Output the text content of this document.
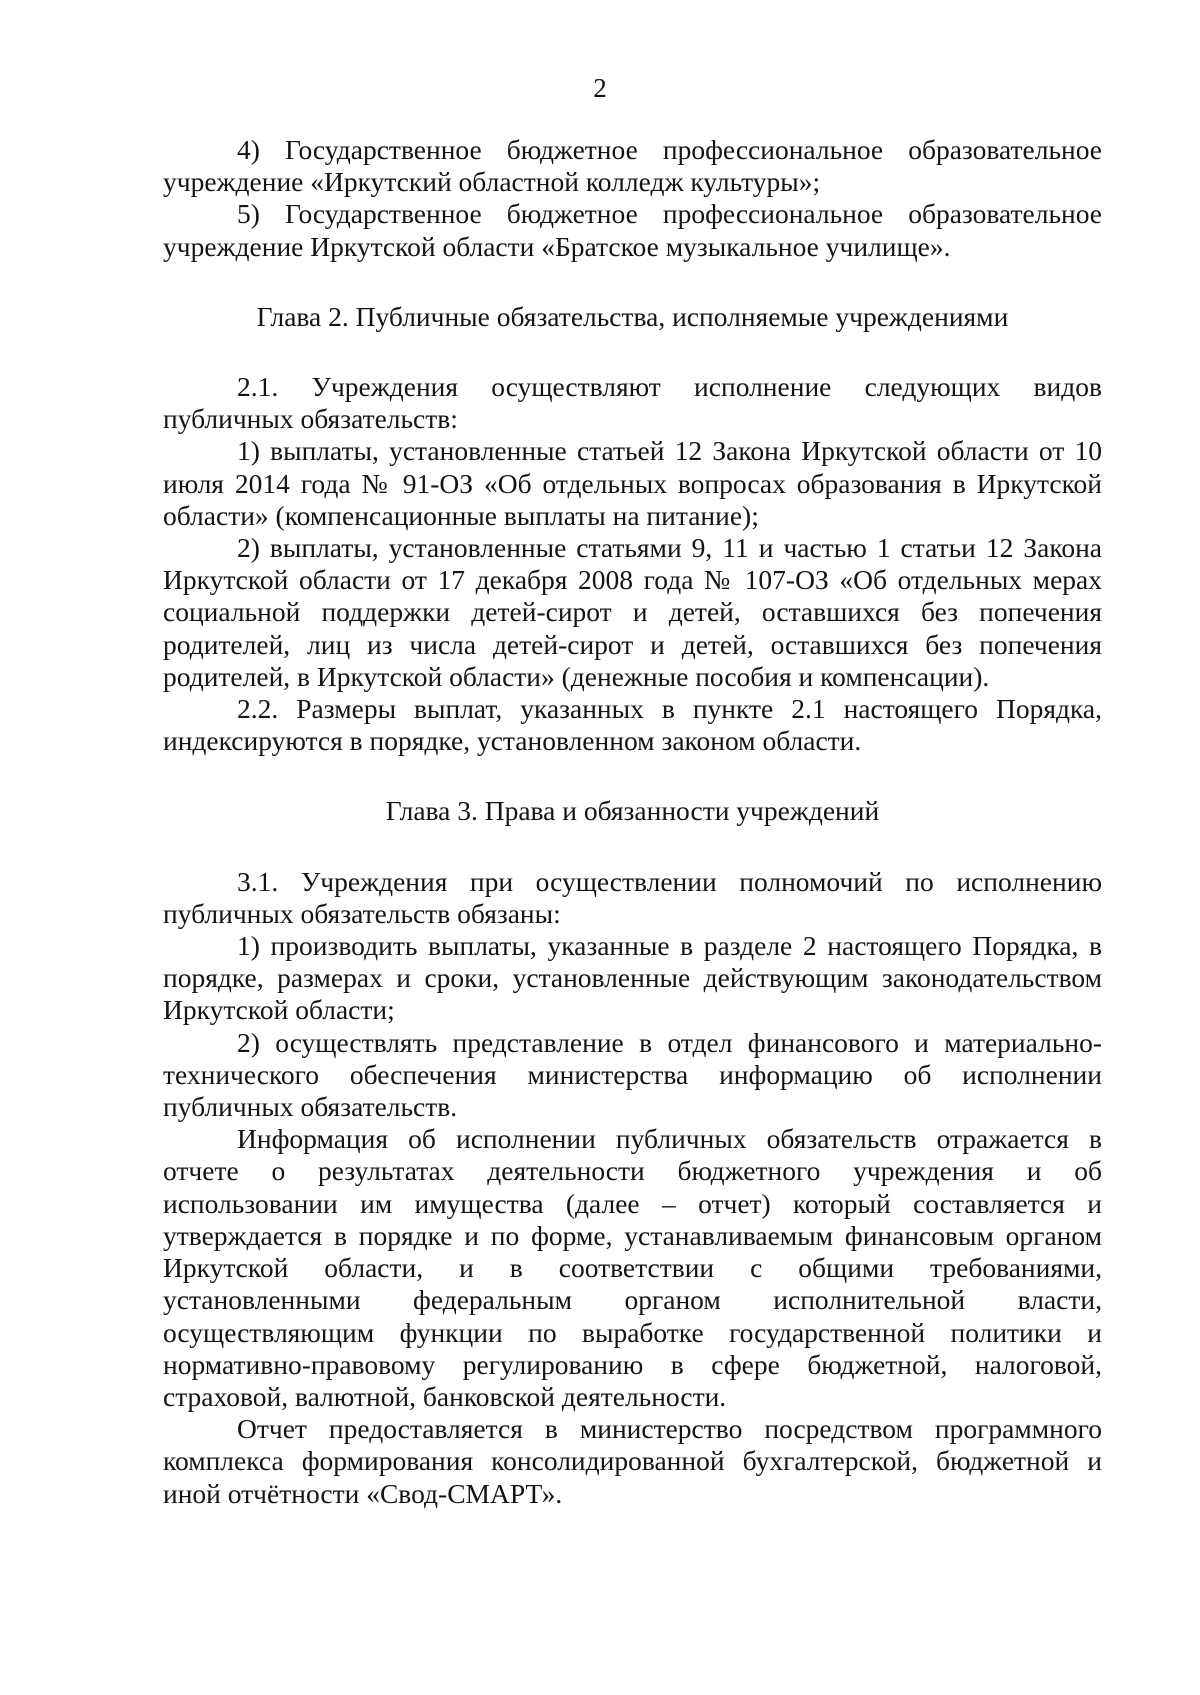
2

4) Государственное бюджетное профессиональное образовательное учреждение «Иркутский областной колледж культуры»;

5) Государственное бюджетное профессиональное образовательное учреждение Иркутской области «Братское музыкальное училище».

Глава 2. Публичные обязательства, исполняемые учреждениями

2.1. Учреждения осуществляют исполнение следующих видов публичных обязательств:

1) выплаты, установленные статьей 12 Закона Иркутской области от 10 июля 2014 года № 91-ОЗ «Об отдельных вопросах образования в Иркутской области» (компенсационные выплаты на питание);

2) выплаты, установленные статьями 9, 11 и частью 1 статьи 12 Закона Иркутской области от 17 декабря 2008 года № 107-ОЗ «Об отдельных мерах социальной поддержки детей-сирот и детей, оставшихся без попечения родителей, лиц из числа детей-сирот и детей, оставшихся без попечения родителей, в Иркутской области» (денежные пособия и компенсации).

2.2. Размеры выплат, указанных в пункте 2.1 настоящего Порядка, индексируются в порядке, установленном законом области.

Глава 3. Права и обязанности учреждений

3.1. Учреждения при осуществлении полномочий по исполнению публичных обязательств обязаны:

1) производить выплаты, указанные в разделе 2 настоящего Порядка, в порядке, размерах и сроки, установленные действующим законодательством Иркутской области;

2) осуществлять представление в отдел финансового и материально-технического обеспечения министерства информацию об исполнении публичных обязательств.

Информация об исполнении публичных обязательств отражается в отчете о результатах деятельности бюджетного учреждения и об использовании им имущества (далее – отчет) который составляется и утверждается в порядке и по форме, устанавливаемым финансовым органом Иркутской области, и в соответствии с общими требованиями, установленными федеральным органом исполнительной власти, осуществляющим функции по выработке государственной политики и нормативно-правовому регулированию в сфере бюджетной, налоговой, страховой, валютной, банковской деятельности.

Отчет предоставляется в министерство посредством программного комплекса формирования консолидированной бухгалтерской, бюджетной и иной отчётности «Свод-СМАРТ».
